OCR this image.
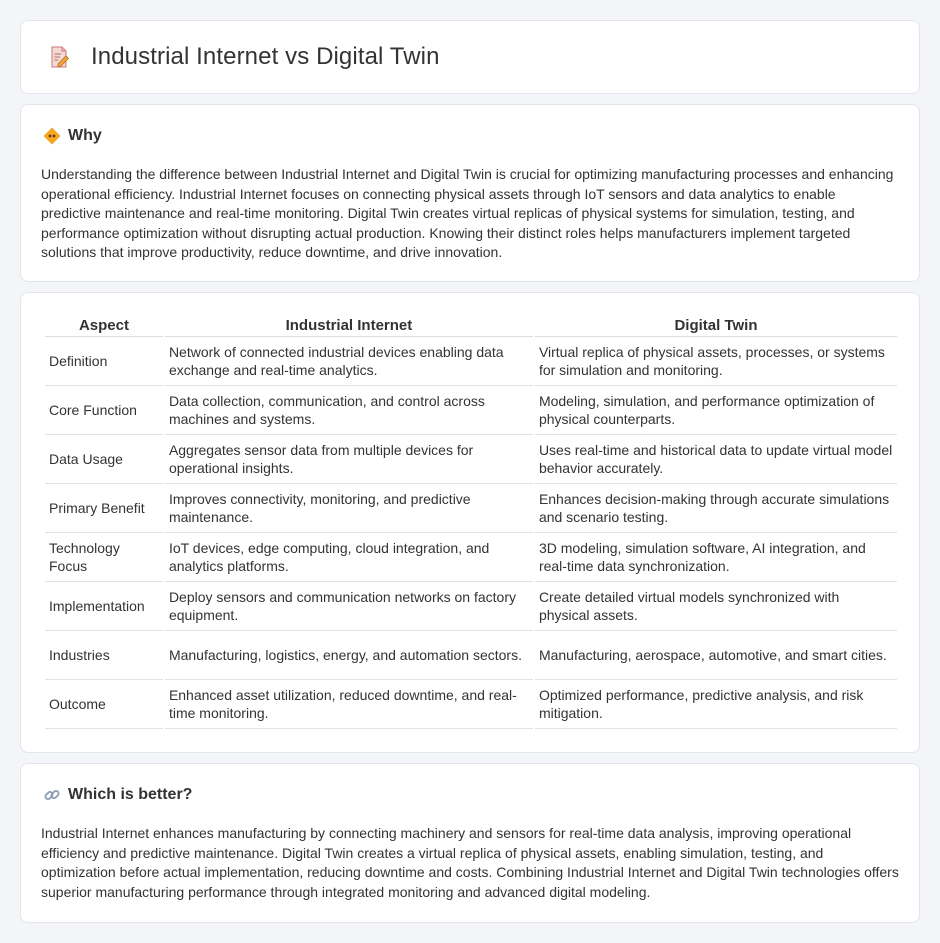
Industrial Internet vs Digital Twin
Why

Understanding the difference between Industrial Internet and Digital Twin is crucial for optimizing manufacturing processes and enhancing operational efficiency. Industrial Internet focuses on connecting physical assets through IoT sensors and data analytics to enable predictive maintenance and real-time monitoring. Digital Twin creates virtual replicas of physical systems for simulation, testing, and performance optimization without disrupting actual production. Knowing their distinct roles helps manufacturers implement targeted solutions that improve productivity, reduce downtime, and drive innovation.

Aspect	Industrial Internet	Digital Twin
Definition	Network of connected industrial devices enabling data exchange and real-time analytics.	Virtual replica of physical assets, processes, or systems for simulation and monitoring.
Core Function	Data collection, communication, and control across machines and systems.	Modeling, simulation, and performance optimization of physical counterparts.
Data Usage	Aggregates sensor data from multiple devices for operational insights.	Uses real-time and historical data to update virtual model behavior accurately.
Primary Benefit	Improves connectivity, monitoring, and predictive maintenance.	Enhances decision-making through accurate simulations and scenario testing.
Technology Focus	IoT devices, edge computing, cloud integration, and analytics platforms.	3D modeling, simulation software, AI integration, and real-time data synchronization.
Implementation	Deploy sensors and communication networks on factory equipment.	Create detailed virtual models synchronized with physical assets.
Industries	Manufacturing, logistics, energy, and automation sectors.	Manufacturing, aerospace, automotive, and smart cities.
Outcome	Enhanced asset utilization, reduced downtime, and real-time monitoring.	Optimized performance, predictive analysis, and risk mitigation.
Which is better?

Industrial Internet enhances manufacturing by connecting machinery and sensors for real-time data analysis, improving operational efficiency and predictive maintenance. Digital Twin creates a virtual replica of physical assets, enabling simulation, testing, and optimization before actual implementation, reducing downtime and costs. Combining Industrial Internet and Digital Twin technologies offers superior manufacturing performance through integrated monitoring and advanced digital modeling.
